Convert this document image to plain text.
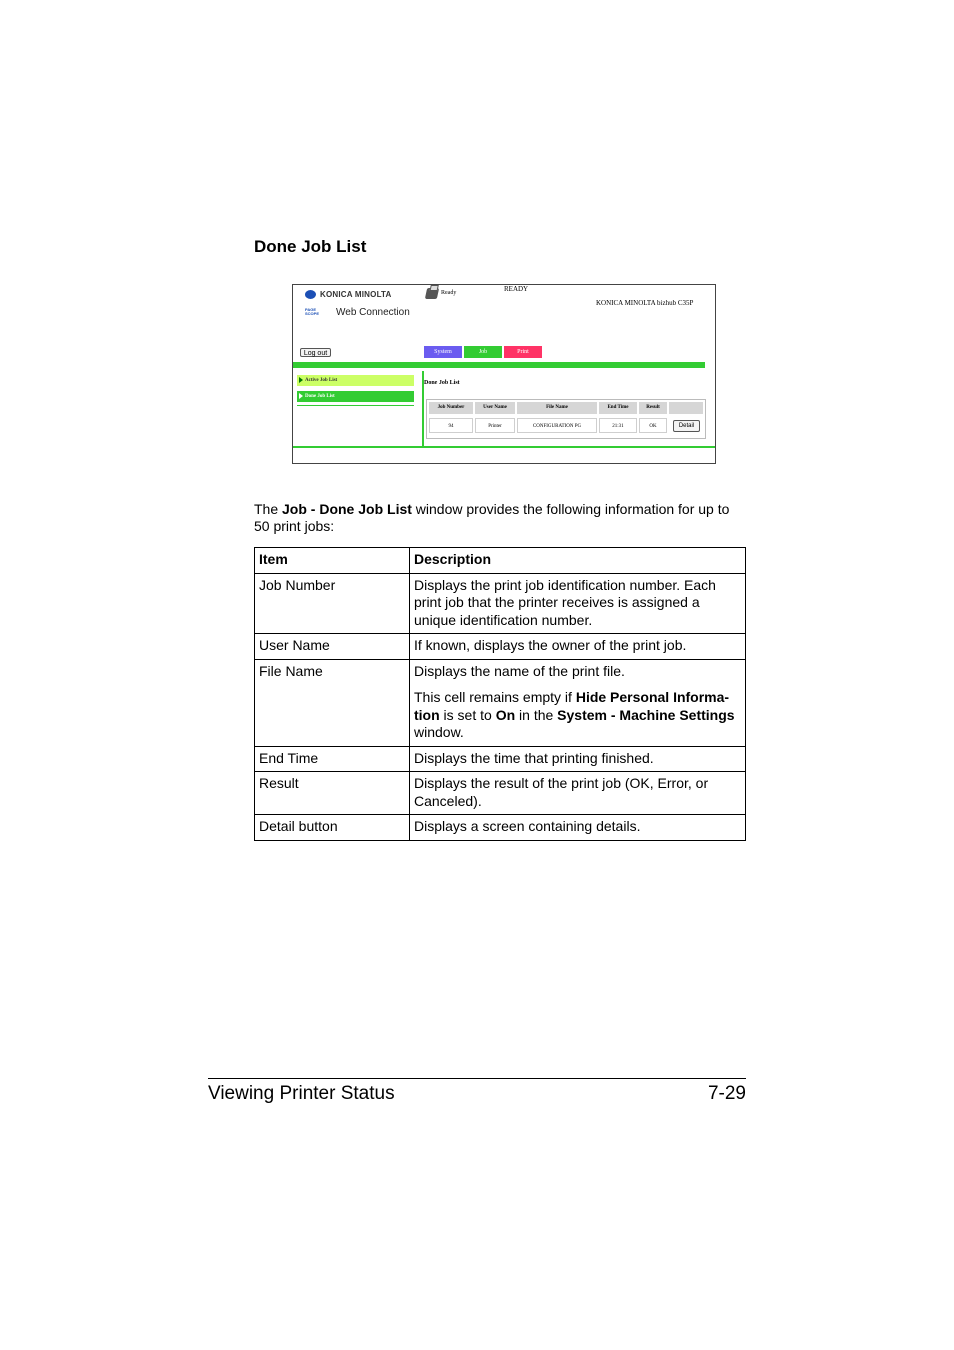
Done Job List
KONICA MINOLTA
PAGE
SCOPE Web Connection
Ready	READY
KONICA MINOLTA bizhub C35P
Log out	System	Job	Print
Active Job List
Done Job List
Done Job List
Job Number	User Name	File Name	End Time	Result
94	Printer	CONFIGURATION PG	21:31	OK	Detail
The Job - Done Job List window provides the following information for up to 50 print jobs:
Item	Description
Job Number	Displays the print job identification number. Each print job that the printer receives is assigned a unique identification number.
User Name	If known, displays the owner of the print job.
File Name	Displays the name of the print file.

This cell remains empty if Hide Personal Informa-tion is set to On in the System - Machine Settings window.

End Time	Displays the time that printing finished.
Result	Displays the result of the print job (OK, Error, or Canceled).
Detail button	Displays a screen containing details.
Viewing Printer Status	7-29
